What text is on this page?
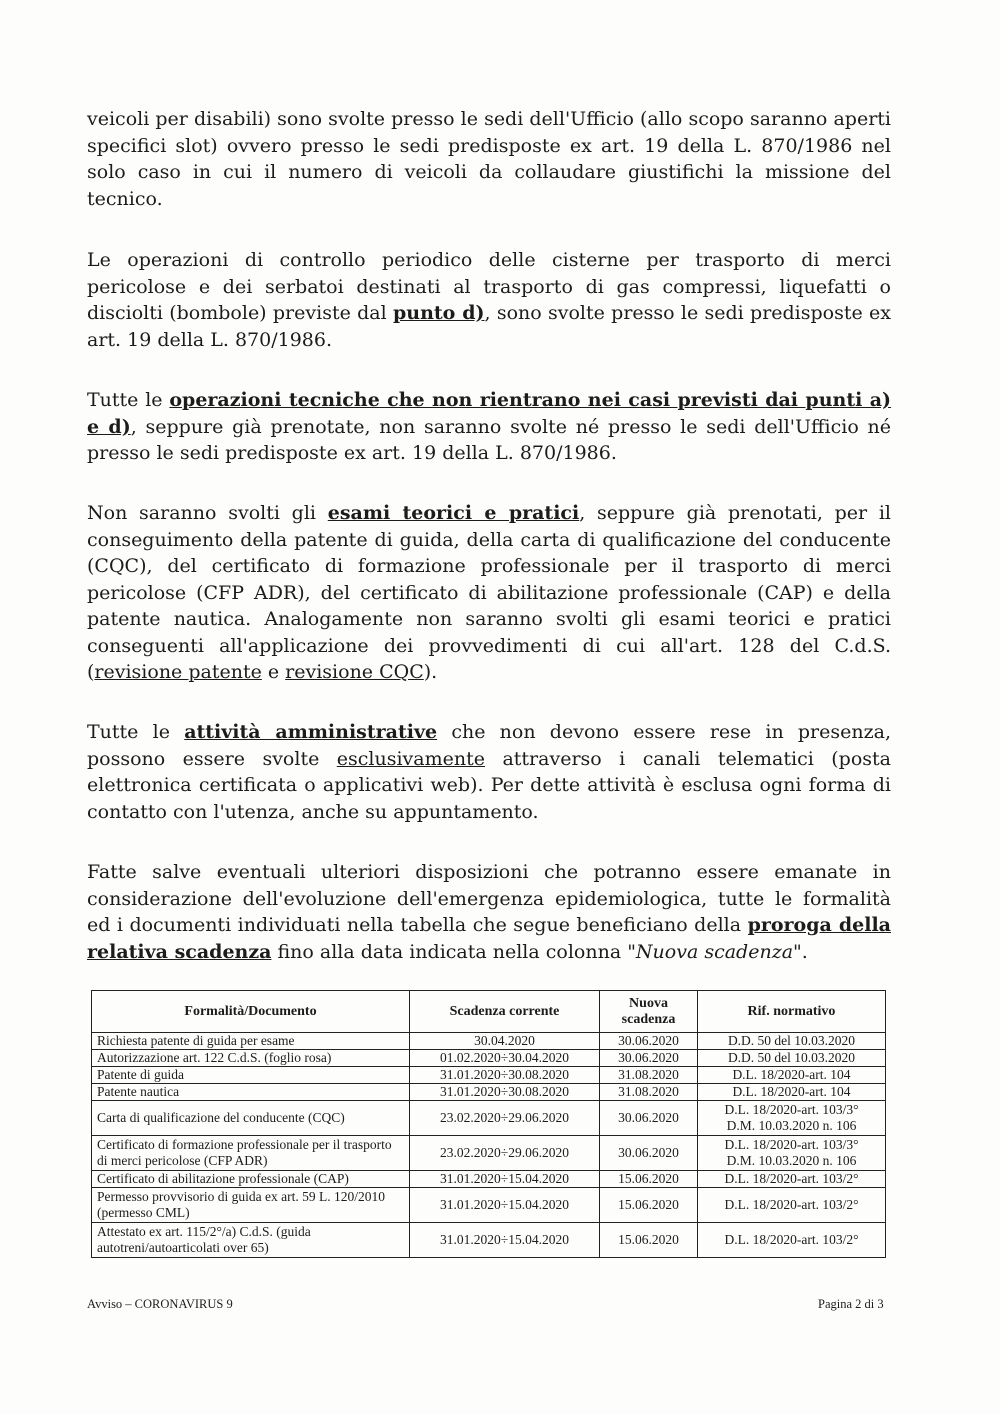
veicoli per disabili) sono svolte presso le sedi dell'Ufficio (allo scopo saranno aperti specifici slot) ovvero presso le sedi predisposte ex art. 19 della L. 870/1986 nel solo caso in cui il numero di veicoli da collaudare giustifichi la missione del tecnico.

Le operazioni di controllo periodico delle cisterne per trasporto di merci pericolose e dei serbatoi destinati al trasporto di gas compressi, liquefatti o disciolti (bombole) previste dal punto d), sono svolte presso le sedi predisposte ex art. 19 della L. 870/1986.

Tutte le operazioni tecniche che non rientrano nei casi previsti dai punti a) e d), seppure già prenotate, non saranno svolte né presso le sedi dell'Ufficio né presso le sedi predisposte ex art. 19 della L. 870/1986.

Non saranno svolti gli esami teorici e pratici, seppure già prenotati, per il conseguimento della patente di guida, della carta di qualificazione del conducente (CQC), del certificato di formazione professionale per il trasporto di merci pericolose (CFP ADR), del certificato di abilitazione professionale (CAP) e della patente nautica. Analogamente non saranno svolti gli esami teorici e pratici conseguenti all'applicazione dei provvedimenti di cui all'art. 128 del C.d.S. (revisione patente e revisione CQC).

Tutte le attività amministrative che non devono essere rese in presenza, possono essere svolte esclusivamente attraverso i canali telematici (posta elettronica certificata o applicativi web). Per dette attività è esclusa ogni forma di contatto con l'utenza, anche su appuntamento.

Fatte salve eventuali ulteriori disposizioni che potranno essere emanate in considerazione dell'evoluzione dell'emergenza epidemiologica, tutte le formalità ed i documenti individuati nella tabella che segue beneficiano della proroga della relativa scadenza fino alla data indicata nella colonna "Nuova scadenza".

Formalità/Documento	Scadenza corrente	Nuova scadenza	Rif. normativo
Richiesta patente di guida per esame	30.04.2020	30.06.2020	D.D. 50 del 10.03.2020
Autorizzazione art. 122 C.d.S. (foglio rosa)	01.02.2020÷30.04.2020	30.06.2020	D.D. 50 del 10.03.2020
Patente di guida	31.01.2020÷30.08.2020	31.08.2020	D.L. 18/2020-art. 104
Patente nautica	31.01.2020÷30.08.2020	31.08.2020	D.L. 18/2020-art. 104
Carta di qualificazione del conducente (CQC)	23.02.2020÷29.06.2020	30.06.2020	D.L. 18/2020-art. 103/3°
D.M. 10.03.2020 n. 106
Certificato di formazione professionale per il trasporto di merci pericolose (CFP ADR)	23.02.2020÷29.06.2020	30.06.2020	D.L. 18/2020-art. 103/3°
D.M. 10.03.2020 n. 106
Certificato di abilitazione professionale (CAP)	31.01.2020÷15.04.2020	15.06.2020	D.L. 18/2020-art. 103/2°
Permesso provvisorio di guida ex art. 59 L. 120/2010 (permesso CML)	31.01.2020÷15.04.2020	15.06.2020	D.L. 18/2020-art. 103/2°
Attestato ex art. 115/2°/a) C.d.S. (guida autotreni/autoarticolati over 65)	31.01.2020÷15.04.2020	15.06.2020	D.L. 18/2020-art. 103/2°
Avviso – CORONAVIRUS 9	Pagina 2 di 3
